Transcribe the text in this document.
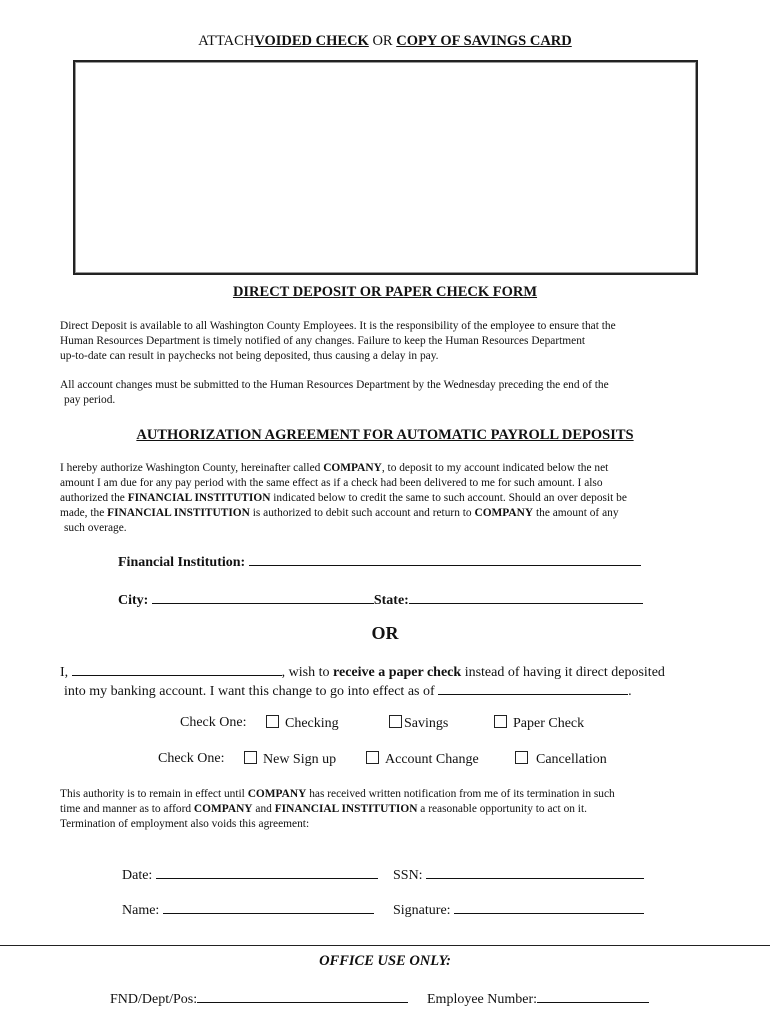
ATTACHVOIDED CHECK OR COPY OF SAVINGS CARD
DIRECT DEPOSIT OR PAPER CHECK FORM
Direct Deposit is available to all Washington County Employees. It is the responsibility of the employee to ensure that the
Human Resources Department is timely notified of any changes. Failure to keep the Human Resources Department
up-to-date can result in paychecks not being deposited, thus causing a delay in pay.
All account changes must be submitted to the Human Resources Department by the Wednesday preceding the end of the
pay period.
AUTHORIZATION AGREEMENT FOR AUTOMATIC PAYROLL DEPOSITS
I hereby authorize Washington County, hereinafter called COMPANY, to deposit to my account indicated below the net
amount I am due for any pay period with the same effect as if a check had been delivered to me for such amount. I also
authorized the FINANCIAL INSTITUTION indicated below to credit the same to such account. Should an over deposit be
made, the FINANCIAL INSTITUTION is authorized to debit such account and return to COMPANY the amount of any
such overage.
Financial Institution:
City:	State:
OR
I,	, wish to receive a paper check instead of having it direct deposited
into my banking account. I want this change to go into effect as of	.
Check One:	Checking	Savings	Paper Check
Check One:	New Sign up	Account Change	Cancellation
This authority is to remain in effect until COMPANY has received written notification from me of its termination in such
time and manner as to afford COMPANY and FINANCIAL INSTITUTION a reasonable opportunity to act on it.
Termination of employment also voids this agreement:
Date:	SSN:
Name:	Signature:
OFFICE USE ONLY:
FND/Dept/Pos:	Employee Number:
